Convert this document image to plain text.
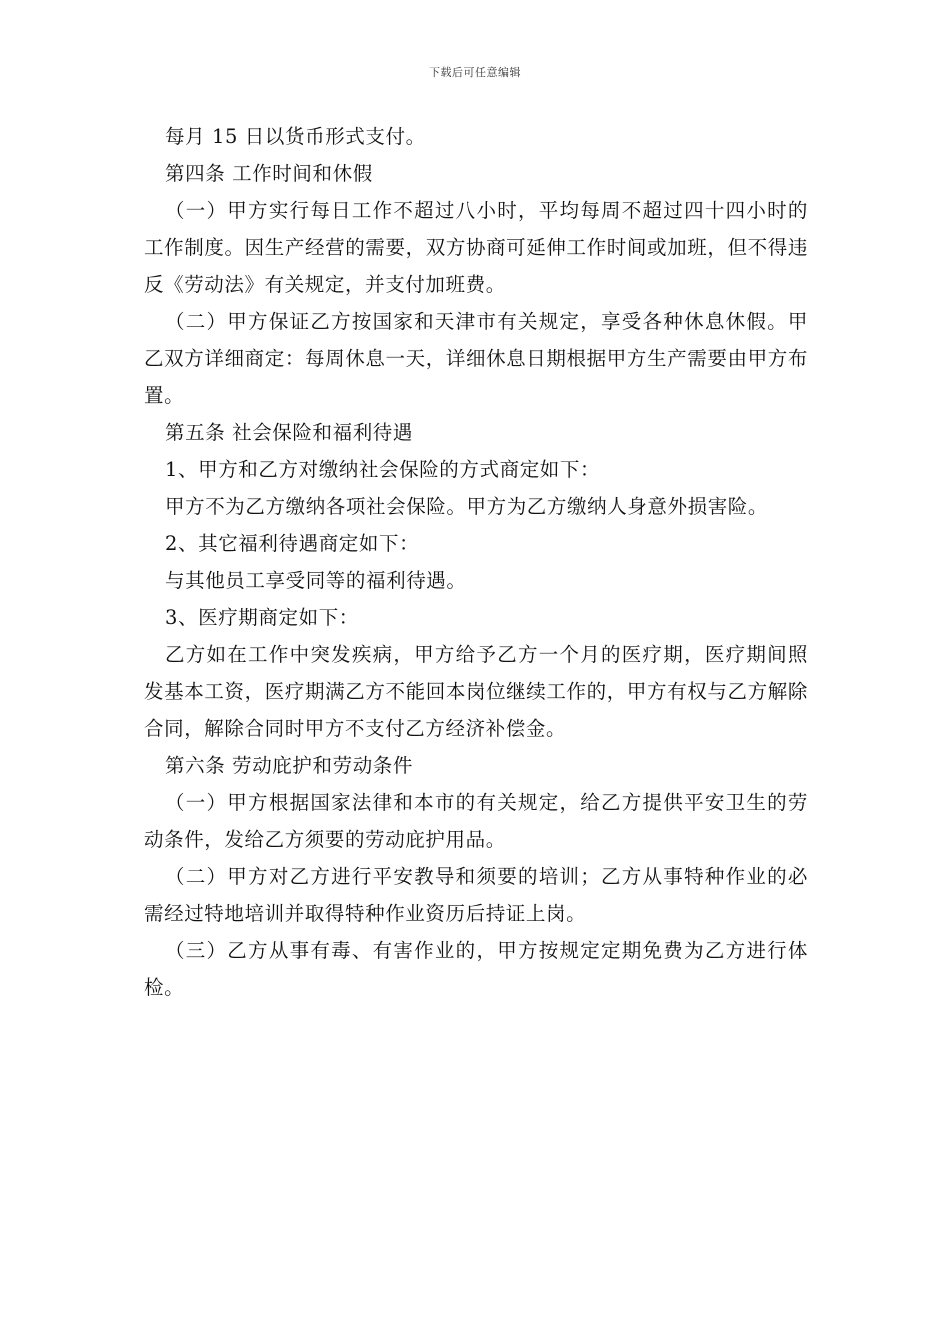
下载后可任意编辑

每月 15 日以货币形式支付。

第四条 工作时间和休假

（一）甲方实行每日工作不超过八小时，平均每周不超过四十四小时的工作制度。因生产经营的需要，双方协商可延伸工作时间或加班，但不得违反《劳动法》有关规定，并支付加班费。

（二）甲方保证乙方按国家和天津市有关规定，享受各种休息休假。甲乙双方详细商定：每周休息一天，详细休息日期根据甲方生产需要由甲方布置。

第五条 社会保险和福利待遇

1、甲方和乙方对缴纳社会保险的方式商定如下：

甲方不为乙方缴纳各项社会保险。甲方为乙方缴纳人身意外损害险。

2、其它福利待遇商定如下：

与其他员工享受同等的福利待遇。

3、医疗期商定如下：

乙方如在工作中突发疾病，甲方给予乙方一个月的医疗期，医疗期间照发基本工资，医疗期满乙方不能回本岗位继续工作的，甲方有权与乙方解除合同，解除合同时甲方不支付乙方经济补偿金。

第六条 劳动庇护和劳动条件

（一）甲方根据国家法律和本市的有关规定，给乙方提供平安卫生的劳动条件，发给乙方须要的劳动庇护用品。

（二）甲方对乙方进行平安教导和须要的培训；乙方从事特种作业的必需经过特地培训并取得特种作业资历后持证上岗。

（三）乙方从事有毒、有害作业的，甲方按规定定期免费为乙方进行体检。
